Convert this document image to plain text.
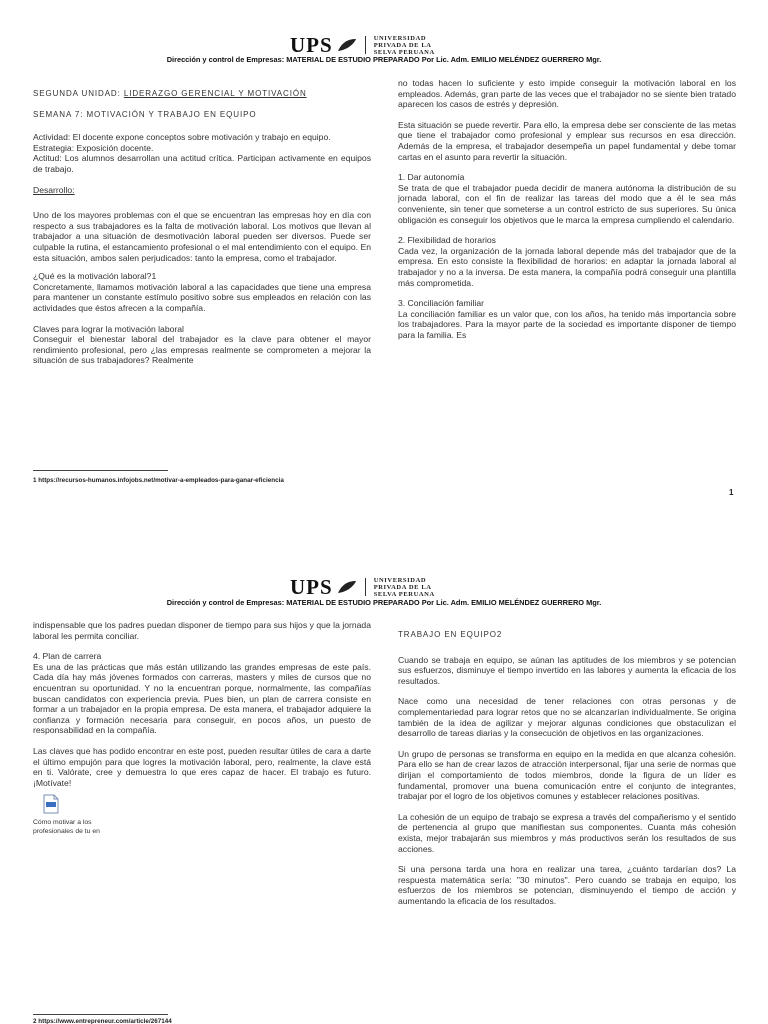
UPS	UNIVERSIDAD
PRIVADA DE LA
SELVA PERUANA
Dirección y control de Empresas: MATERIAL DE ESTUDIO PREPARADO Por Lic. Adm. EMILIO MELÉNDEZ GUERRERO Mgr.

SEGUNDA UNIDAD: LIDERAZGO GERENCIAL Y MOTIVACIÓN

SEMANA 7: MOTIVACIÓN Y TRABAJO EN EQUIPO

Actividad: El docente expone conceptos sobre motivación y trabajo en equipo.

Estrategia: Exposición docente.

Actitud: Los alumnos desarrollan una actitud crítica. Participan activamente en equipos de trabajo.

Desarrollo:

Uno de los mayores problemas con el que se encuentran las empresas hoy en día con respecto a sus trabajadores es la falta de motivación laboral. Los motivos que llevan al trabajador a una situación de desmotivación laboral pueden ser diversos. Puede ser culpable la rutina, el estancamiento profesional o el mal entendimiento con el equipo. En esta situación, ambos salen perjudicados: tanto la empresa, como el trabajador.

¿Qué es la motivación laboral?1

Concretamente, llamamos motivación laboral a las capacidades que tiene una empresa para mantener un constante estímulo positivo sobre sus empleados en relación con las actividades que éstos afrecen a la compañía.

Claves para lograr la motivación laboral

Conseguir el bienestar laboral del trabajador es la clave para obtener el mayor rendimiento profesional, pero ¿las empresas realmente se comprometen a mejorar la situación de sus trabajadores? Realmente

no todas hacen lo suficiente y esto impide conseguir la motivación laboral en los empleados. Además, gran parte de las veces que el trabajador no se siente bien tratado aparecen los casos de estrés y depresión.

Esta situación se puede revertir. Para ello, la empresa debe ser consciente de las metas que tiene el trabajador como profesional y emplear sus recursos en esa dirección. Además de la empresa, el trabajador desempeña un papel fundamental y debe tomar cartas en el asunto para revertir la situación.

1. Dar autonomía

Se trata de que el trabajador pueda decidir de manera autónoma la distribución de su jornada laboral, con el fin de realizar las tareas del modo que a él le sea más conveniente, sin tener que someterse a un control estricto de sus superiores. Su única obligación es conseguir los objetivos que le marca la empresa cumpliendo el calendario.

2. Flexibilidad de horarios

Cada vez, la organización de la jornada laboral depende más del trabajador que de la empresa. En esto consiste la flexibilidad de horarios: en adaptar la jornada laboral al trabajador y no a la inversa. De esta manera, la compañía podrá conseguir una plantilla más comprometida.

3. Conciliación familiar

La conciliación familiar es un valor que, con los años, ha tenido más importancia sobre los trabajadores. Para la mayor parte de la sociedad es importante disponer de tiempo para la familia. Es

1 https://recursos-humanos.infojobs.net/motivar-a-empleados-para-ganar-eficiencia
1
UPS	UNIVERSIDAD
PRIVADA DE LA
SELVA PERUANA
Dirección y control de Empresas: MATERIAL DE ESTUDIO PREPARADO Por Lic. Adm. EMILIO MELÉNDEZ GUERRERO Mgr.

indispensable que los padres puedan disponer de tiempo para sus hijos y que la jornada laboral les permita conciliar.

4. Plan de carrera

Es una de las prácticas que más están utilizando las grandes empresas de este país. Cada día hay más jóvenes formados con carreras, masters y miles de cursos que no encuentran su oportunidad. Y no la encuentran porque, normalmente, las compañías buscan candidatos con experiencia previa. Pues bien, un plan de carrera consiste en formar a un trabajador en la propia empresa. De esta manera, el trabajador adquiere la confianza y formación necesaria para conseguir, en pocos años, un puesto de responsabilidad en la compañía.

Las claves que has podido encontrar en este post, pueden resultar útiles de cara a darte el último empujón para que logres la motivación laboral, pero, realmente, la clave está en ti. Valórate, cree y demuestra lo que eres capaz de hacer. El trabajo es futuro. ¡Motívate!

Cómo motivar a los profesionales de tu en

TRABAJO EN EQUIPO2

Cuando se trabaja en equipo, se aúnan las aptitudes de los miembros y se potencian sus esfuerzos, disminuye el tiempo invertido en las labores y aumenta la eficacia de los resultados.

Nace como una necesidad de tener relaciones con otras personas y de complementariedad para lograr retos que no se alcanzarían individualmente. Se origina también de la idea de agilizar y mejorar algunas condiciones que obstaculizan el desarrollo de tareas diarias y la consecución de objetivos en las organizaciones.

Un grupo de personas se transforma en equipo en la medida en que alcanza cohesión. Para ello se han de crear lazos de atracción interpersonal, fijar una serie de normas que dirijan el comportamiento de todos miembros, donde la figura de un líder es fundamental, promover una buena comunicación entre el conjunto de integrantes, trabajar por el logro de los objetivos comunes y establecer relaciones positivas.

La cohesión de un equipo de trabajo se expresa a través del compañerismo y el sentido de pertenencia al grupo que manifiestan sus componentes. Cuanta más cohesión exista, mejor trabajarán sus miembros y más productivos serán los resultados de sus acciones.

Si una persona tarda una hora en realizar una tarea, ¿cuánto tardarían dos? La respuesta matemática sería: "30 minutos". Pero cuando se trabaja en equipo, los esfuerzos de los miembros se potencian, disminuyendo el tiempo de acción y aumentando la eficacia de los resultados.

2 https://www.entrepreneur.com/article/267144
